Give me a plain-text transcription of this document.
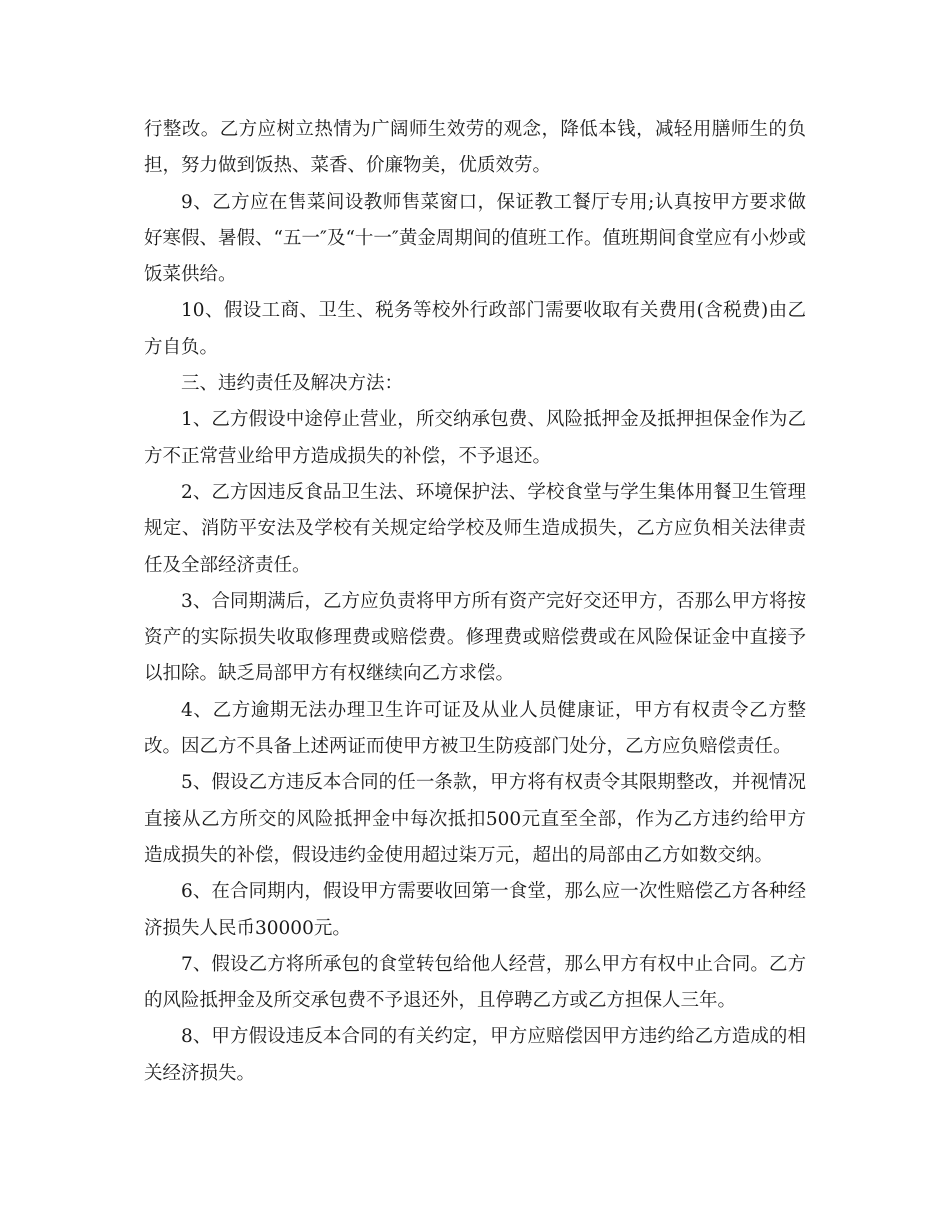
行整改。乙方应树立热情为广阔师生效劳的观念，降低本钱，减轻用膳师生的负担，努力做到饭热、菜香、价廉物美，优质效劳。

9、乙方应在售菜间设教师售菜窗口，保证教工餐厅专用;认真按甲方要求做好寒假、暑假、“五一″及“十一″黄金周期间的值班工作。值班期间食堂应有小炒或饭菜供给。

10、假设工商、卫生、税务等校外行政部门需要收取有关费用(含税费)由乙方自负。

三、违约责任及解决方法：

1、乙方假设中途停止营业，所交纳承包费、风险抵押金及抵押担保金作为乙方不正常营业给甲方造成损失的补偿，不予退还。

2、乙方因违反食品卫生法、环境保护法、学校食堂与学生集体用餐卫生管理规定、消防平安法及学校有关规定给学校及师生造成损失，乙方应负相关法律责任及全部经济责任。

3、合同期满后，乙方应负责将甲方所有资产完好交还甲方，否那么甲方将按资产的实际损失收取修理费或赔偿费。修理费或赔偿费或在风险保证金中直接予以扣除。缺乏局部甲方有权继续向乙方求偿。

4、乙方逾期无法办理卫生许可证及从业人员健康证，甲方有权责令乙方整改。因乙方不具备上述两证而使甲方被卫生防疫部门处分，乙方应负赔偿责任。

5、假设乙方违反本合同的任一条款，甲方将有权责令其限期整改，并视情况直接从乙方所交的风险抵押金中每次抵扣500元直至全部，作为乙方违约给甲方造成损失的补偿，假设违约金使用超过柒万元，超出的局部由乙方如数交纳。

6、在合同期内，假设甲方需要收回第一食堂，那么应一次性赔偿乙方各种经济损失人民币30000元。

7、假设乙方将所承包的食堂转包给他人经营，那么甲方有权中止合同。乙方的风险抵押金及所交承包费不予退还外，且停聘乙方或乙方担保人三年。

8、甲方假设违反本合同的有关约定，甲方应赔偿因甲方违约给乙方造成的相关经济损失。
